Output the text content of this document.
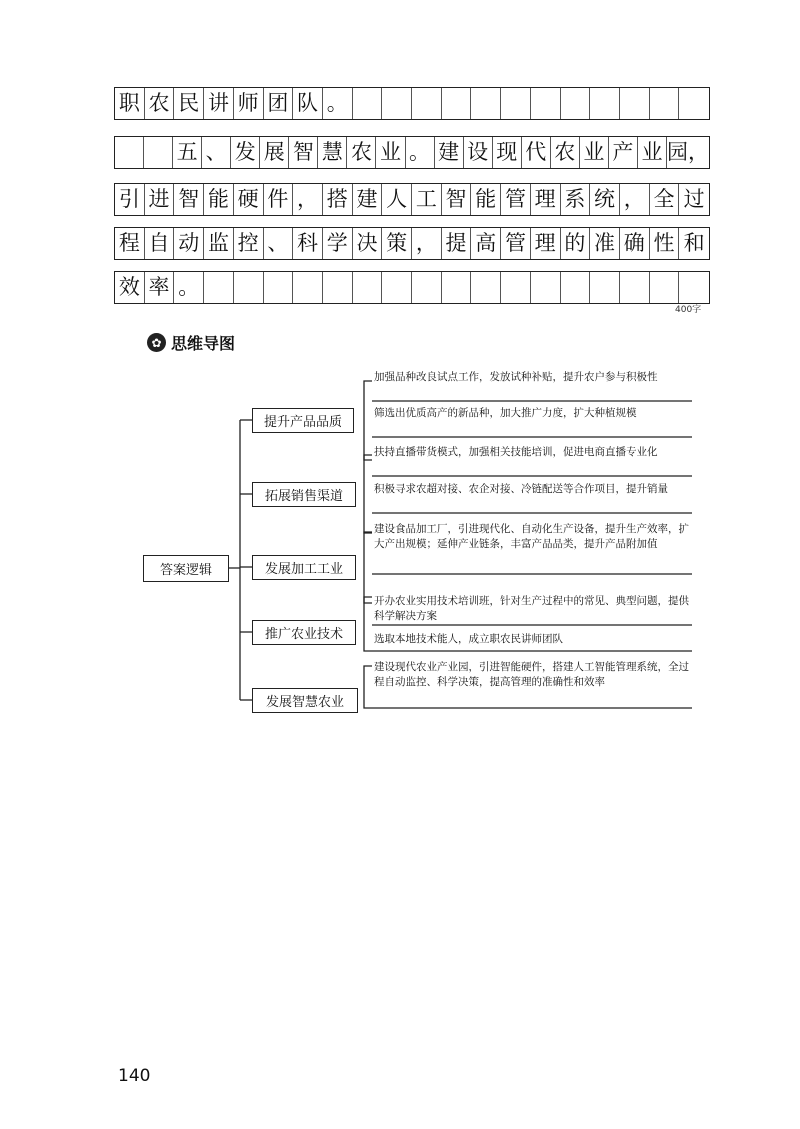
职 农 民 讲 师 团 队 。
五 、 发 展 智 慧 农 业 。 建 设 现 代 农 业 产 业 园，
引 进 智 能 硬 件 ， 搭 建 人 工 智 能 管 理 系 统 ， 全 过
程 自 动 监 控 、 科 学 决 策 ， 提 高 管 理 的 准 确 性 和
效 率 。
400字
✿ 思维导图
答案逻辑
提升产品品质
拓展销售渠道
发展加工工业
推广农业技术
发展智慧农业
加强品种改良试点工作，发放试种补贴，提升农户参与积极性
筛选出优质高产的新品种，加大推广力度，扩大种植规模
扶持直播带货模式，加强相关技能培训，促进电商直播专业化
积极寻求农超对接、农企对接、冷链配送等合作项目，提升销量
建设食品加工厂，引进现代化、自动化生产设备，提升生产效率，扩大产出规模；延伸产业链条，丰富产品品类，提升产品附加值
开办农业实用技术培训班，针对生产过程中的常见、典型问题，提供科学解决方案
选取本地技术能人，成立职农民讲师团队
建设现代农业产业园，引进智能硬件，搭建人工智能管理系统，全过程自动监控、科学决策，提高管理的准确性和效率
140
